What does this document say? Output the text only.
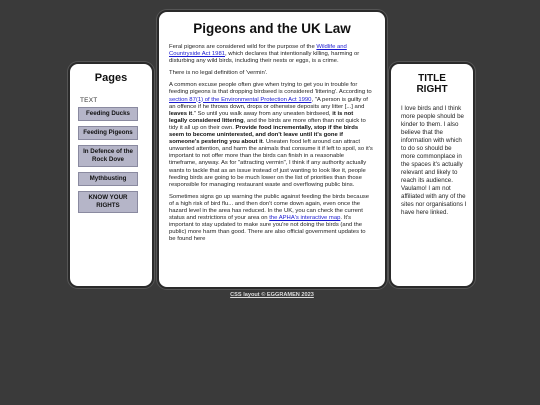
Pages
TEXT
Feeding Ducks
Feeding Pigeons
In Defence of the Rock Dove
Mythbusting
KNOW YOUR RIGHTS
Pigeons and the UK Law

Feral pigeons are considered wild for the purpose of the Wildlife and Countryside Act 1981, which declares that intentionally killing, harming or disturbing any wild birds, including their nests or eggs, is a crime.

There is no legal definition of 'vermin'.

A common excuse people often give when trying to get you in trouble for feeding pigeons is that dropping birdseed is considered 'littering'. According to section 87(1) of the Environmental Protection Act 1990, "A person is guilty of an offence if he throws down, drops or otherwise deposits any litter [...] and leaves it." So until you walk away from any uneaten birdseed, it is not legally considered littering, and the birds are more often than not quick to tidy it all up on their own. Provide food incrementally, stop if the birds seem to become uninterested, and don't leave until it's gone if someone's pestering you about it. Uneaten food left around can attract unwanted attention, and harm the animals that consume it if left to spoil, so it's important to not offer more than the birds can finish in a reasonable timeframe, anyway. As for "attracting vermin", I think if any authority actually wants to tackle that as an issue instead of just wanting to look like it, people feeding birds are going to be much lower on the list of priorities than those responsible for managing restaurant waste and overflowing public bins.

Sometimes signs go up warning the public against feeding the birds because of a high risk of bird flu... and then don't come down again, even once the hazard level in the area has reduced. In the UK, you can check the current status and restrictions of your area on the APHA's interactive map. It's important to stay updated to make sure you're not doing the birds (and the public) more harm than good. There are also official government updates to be found here

TITLE
RIGHT
I love birds and I think more people should be kinder to them. I also believe that the information with which to do so should be more commonplace in the spaces it's actually relevant and likely to reach its audience. Vaulamo! I am not affiliated with any of the sites nor organisations I have here linked.
CSS layout © EGGRAMEN 2023
